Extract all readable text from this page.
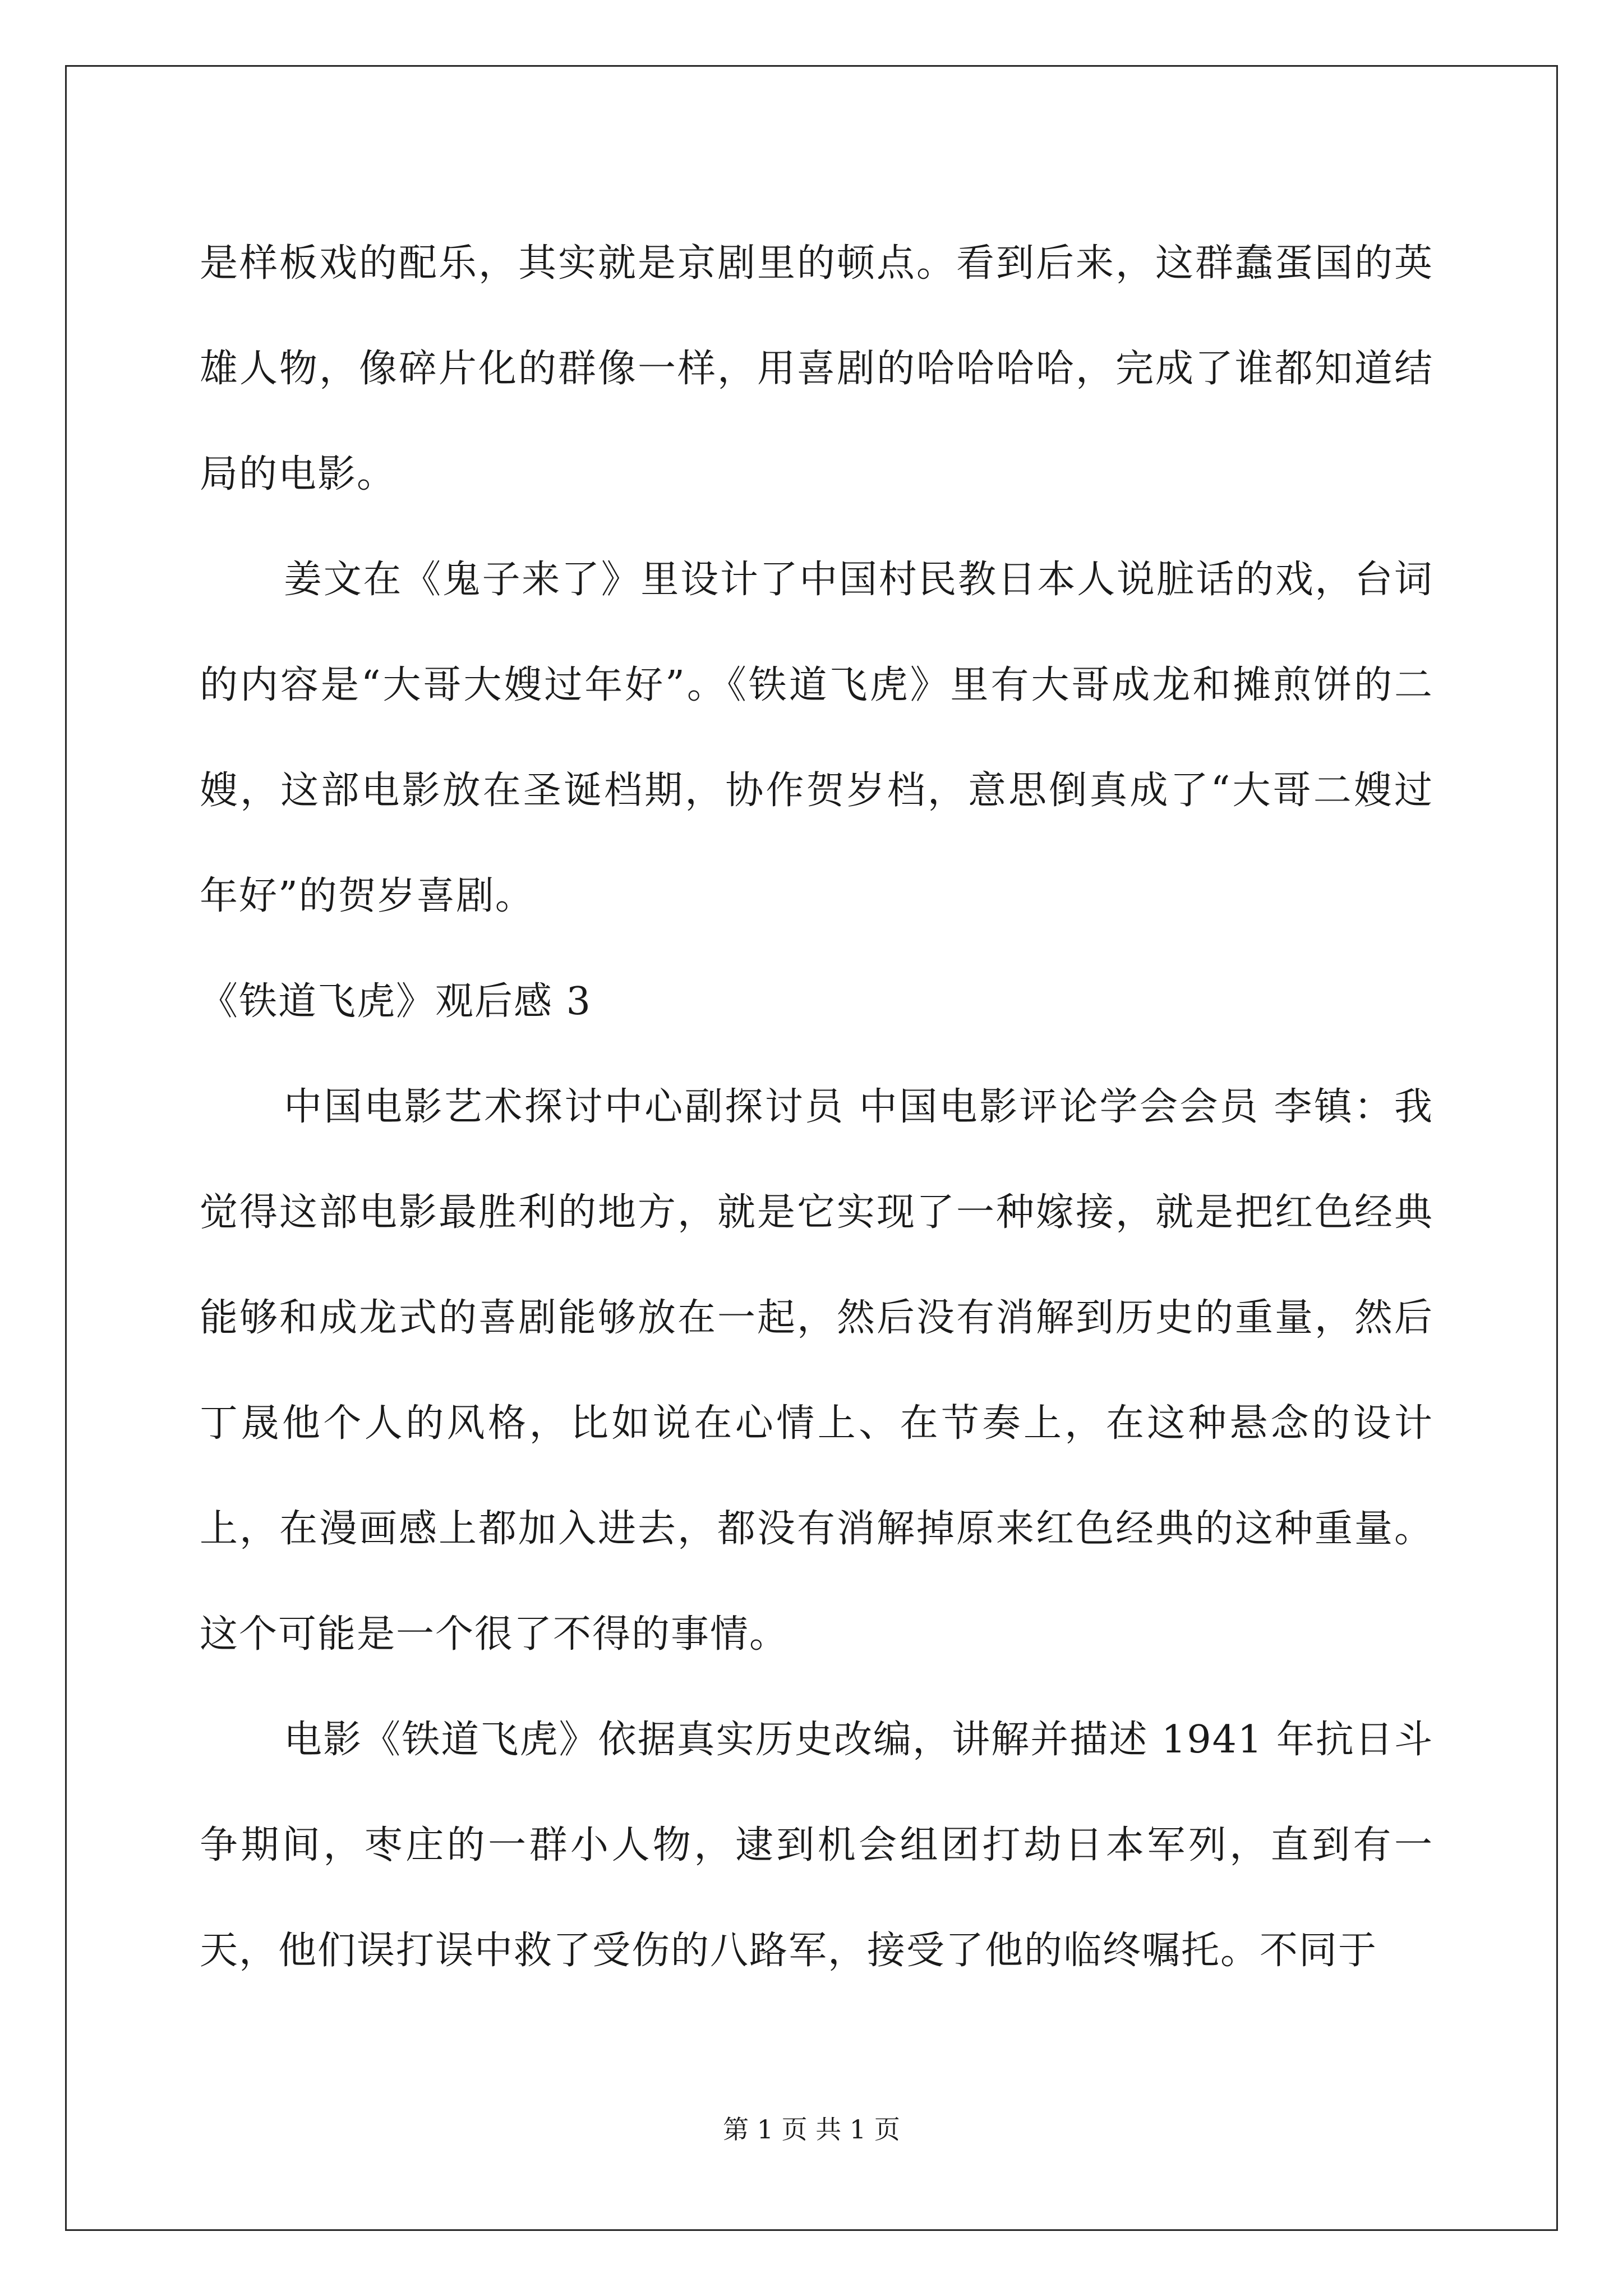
是样板戏的配乐，其实就是京剧里的顿点。看到后来，这群蠢蛋国的英雄人物，像碎片化的群像一样，用喜剧的哈哈哈哈，完成了谁都知道结局的电影。

姜文在《鬼子来了》里设计了中国村民教日本人说脏话的戏，台词的内容是“大哥大嫂过年好”。《铁道飞虎》里有大哥成龙和摊煎饼的二嫂，这部电影放在圣诞档期，协作贺岁档，意思倒真成了“大哥二嫂过年好”的贺岁喜剧。

《铁道飞虎》观后感 3

中国电影艺术探讨中心副探讨员 中国电影评论学会会员 李镇：我觉得这部电影最胜利的地方，就是它实现了一种嫁接，就是把红色经典能够和成龙式的喜剧能够放在一起，然后没有消解到历史的重量，然后丁晟他个人的风格，比如说在心情上、在节奏上，在这种悬念的设计上，在漫画感上都加入进去，都没有消解掉原来红色经典的这种重量。这个可能是一个很了不得的事情。

电影《铁道飞虎》依据真实历史改编，讲解并描述 1941 年抗日斗争期间，枣庄的一群小人物，逮到机会组团打劫日本军列，直到有一天，他们误打误中救了受伤的八路军，接受了他的临终嘱托。不同于

第 1 页 共 1 页
